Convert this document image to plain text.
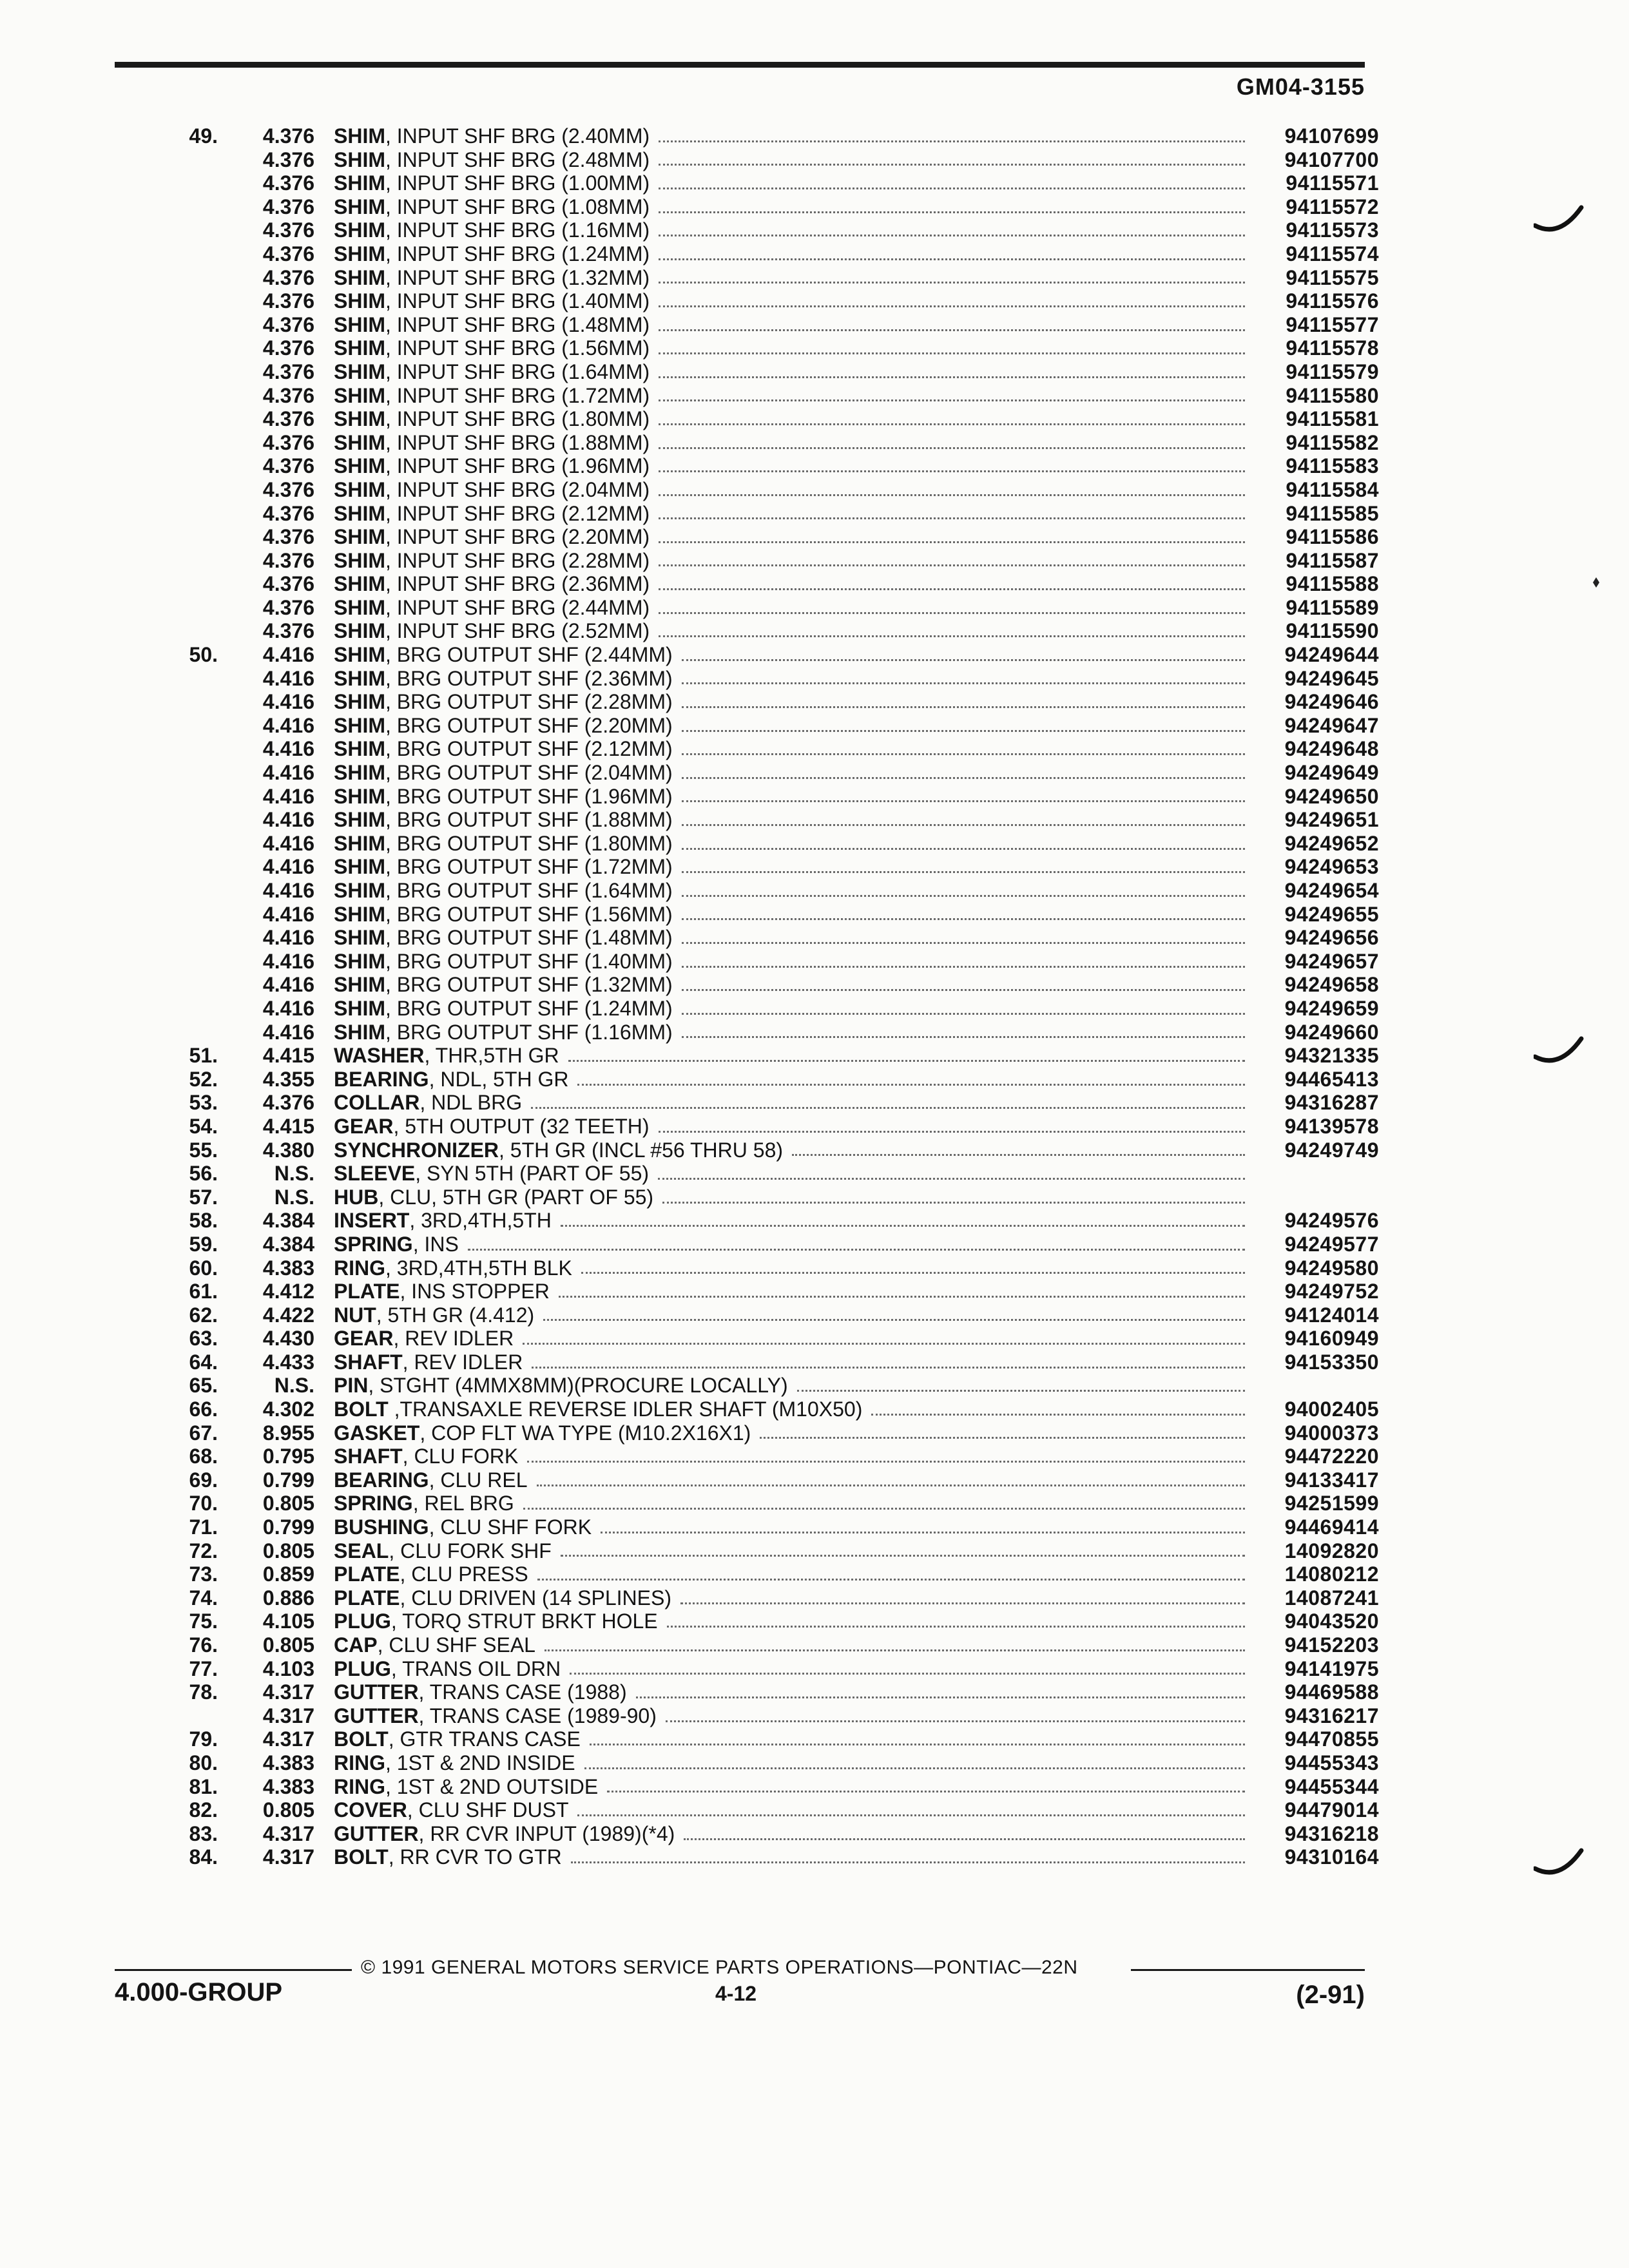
GM04-3155
49.	4.376 SHIM, INPUT SHF BRG (2.40MM)	94107699
4.376 SHIM, INPUT SHF BRG (2.48MM)	94107700
4.376 SHIM, INPUT SHF BRG (1.00MM)	94115571
4.376 SHIM, INPUT SHF BRG (1.08MM)	94115572
4.376 SHIM, INPUT SHF BRG (1.16MM)	94115573
4.376 SHIM, INPUT SHF BRG (1.24MM)	94115574
4.376 SHIM, INPUT SHF BRG (1.32MM)	94115575
4.376 SHIM, INPUT SHF BRG (1.40MM)	94115576
4.376 SHIM, INPUT SHF BRG (1.48MM)	94115577
4.376 SHIM, INPUT SHF BRG (1.56MM)	94115578
4.376 SHIM, INPUT SHF BRG (1.64MM)	94115579
4.376 SHIM, INPUT SHF BRG (1.72MM)	94115580
4.376 SHIM, INPUT SHF BRG (1.80MM)	94115581
4.376 SHIM, INPUT SHF BRG (1.88MM)	94115582
4.376 SHIM, INPUT SHF BRG (1.96MM)	94115583
4.376 SHIM, INPUT SHF BRG (2.04MM)	94115584
4.376 SHIM, INPUT SHF BRG (2.12MM)	94115585
4.376 SHIM, INPUT SHF BRG (2.20MM)	94115586
4.376 SHIM, INPUT SHF BRG (2.28MM)	94115587
4.376 SHIM, INPUT SHF BRG (2.36MM)	94115588
4.376 SHIM, INPUT SHF BRG (2.44MM)	94115589
4.376 SHIM, INPUT SHF BRG (2.52MM)	94115590
50.	4.416 SHIM, BRG OUTPUT SHF (2.44MM)	94249644
4.416 SHIM, BRG OUTPUT SHF (2.36MM)	94249645
4.416 SHIM, BRG OUTPUT SHF (2.28MM)	94249646
4.416 SHIM, BRG OUTPUT SHF (2.20MM)	94249647
4.416 SHIM, BRG OUTPUT SHF (2.12MM)	94249648
4.416 SHIM, BRG OUTPUT SHF (2.04MM)	94249649
4.416 SHIM, BRG OUTPUT SHF (1.96MM)	94249650
4.416 SHIM, BRG OUTPUT SHF (1.88MM)	94249651
4.416 SHIM, BRG OUTPUT SHF (1.80MM)	94249652
4.416 SHIM, BRG OUTPUT SHF (1.72MM)	94249653
4.416 SHIM, BRG OUTPUT SHF (1.64MM)	94249654
4.416 SHIM, BRG OUTPUT SHF (1.56MM)	94249655
4.416 SHIM, BRG OUTPUT SHF (1.48MM)	94249656
4.416 SHIM, BRG OUTPUT SHF (1.40MM)	94249657
4.416 SHIM, BRG OUTPUT SHF (1.32MM)	94249658
4.416 SHIM, BRG OUTPUT SHF (1.24MM)	94249659
4.416 SHIM, BRG OUTPUT SHF (1.16MM)	94249660
51.	4.415 WASHER, THR,5TH GR	94321335
52.	4.355 BEARING, NDL, 5TH GR	94465413
53.	4.376 COLLAR, NDL BRG	94316287
54.	4.415 GEAR, 5TH OUTPUT (32 TEETH)	94139578
55.	4.380 SYNCHRONIZER, 5TH GR (INCL #56 THRU 58)	94249749
56.	N.S. SLEEVE, SYN 5TH (PART OF 55)
57.	N.S. HUB, CLU, 5TH GR (PART OF 55)
58.	4.384 INSERT, 3RD,4TH,5TH	94249576
59.	4.384 SPRING, INS	94249577
60.	4.383 RING, 3RD,4TH,5TH BLK	94249580
61.	4.412 PLATE, INS STOPPER	94249752
62.	4.422 NUT, 5TH GR (4.412)	94124014
63.	4.430 GEAR, REV IDLER	94160949
64.	4.433 SHAFT, REV IDLER	94153350
65.	N.S. PIN, STGHT (4MMX8MM)(PROCURE LOCALLY)
66.	4.302 BOLT ,TRANSAXLE REVERSE IDLER SHAFT (M10X50)	94002405
67.	8.955 GASKET, COP FLT WA TYPE (M10.2X16X1)	94000373
68.	0.795 SHAFT, CLU FORK	94472220
69.	0.799 BEARING, CLU REL	94133417
70.	0.805 SPRING, REL BRG	94251599
71.	0.799 BUSHING, CLU SHF FORK	94469414
72.	0.805 SEAL, CLU FORK SHF	14092820
73.	0.859 PLATE, CLU PRESS	14080212
74.	0.886 PLATE, CLU DRIVEN (14 SPLINES)	14087241
75.	4.105 PLUG, TORQ STRUT BRKT HOLE	94043520
76.	0.805 CAP, CLU SHF SEAL	94152203
77.	4.103 PLUG, TRANS OIL DRN	94141975
78.	4.317 GUTTER, TRANS CASE (1988)	94469588
4.317 GUTTER, TRANS CASE (1989-90)	94316217
79.	4.317 BOLT, GTR TRANS CASE	94470855
80.	4.383 RING, 1ST & 2ND INSIDE	94455343
81.	4.383 RING, 1ST & 2ND OUTSIDE	94455344
82.	0.805 COVER, CLU SHF DUST	94479014
83.	4.317 GUTTER, RR CVR INPUT (1989)(*4)	94316218
84.	4.317 BOLT, RR CVR TO GTR	94310164
© 1991 GENERAL MOTORS SERVICE PARTS OPERATIONS—PONTIAC—22N
4.000-GROUP	4-12	(2-91)
